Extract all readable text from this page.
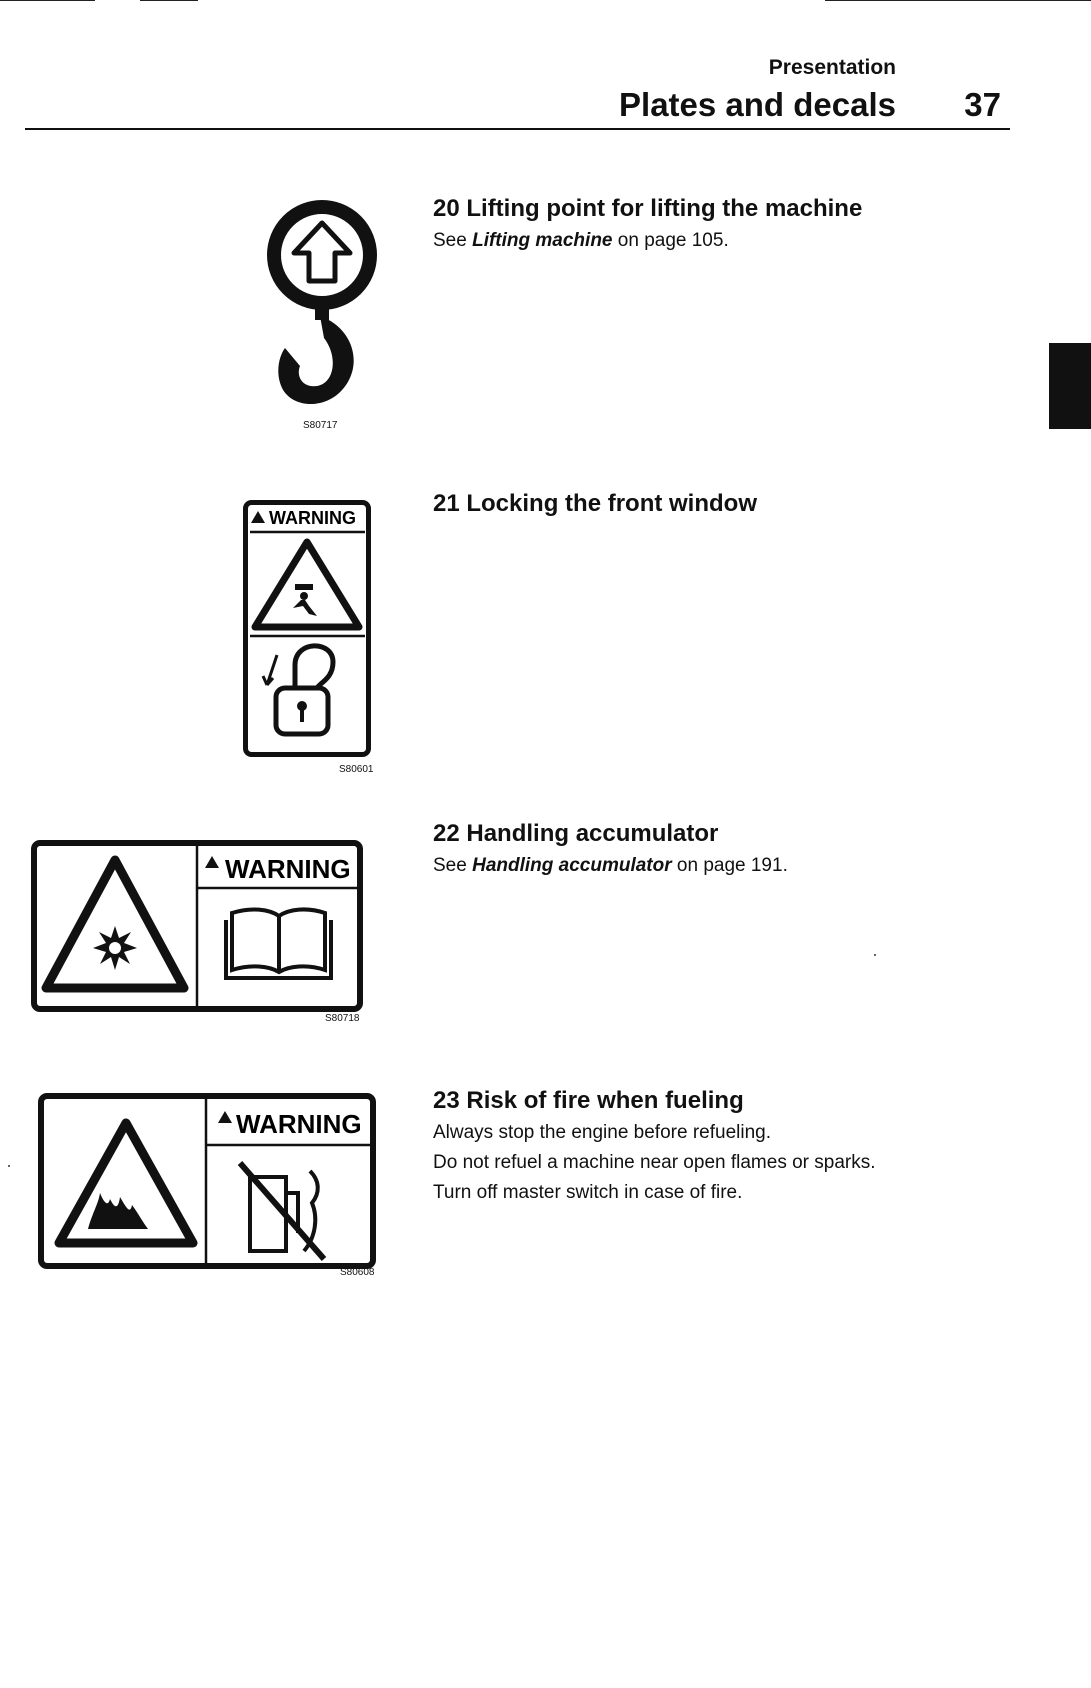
Presentation
Plates and decals 37
S80717
20 Lifting point for lifting the machine

See Lifting machine on page 105.

WARNING
S80601
21 Locking the front window
WARNING
S80718
22 Handling accumulator

See Handling accumulator on page 191.

WARNING
S80608
23 Risk of fire when fueling

Always stop the engine before refueling.

Do not refuel a machine near open flames or sparks.

Turn off master switch in case of fire.
